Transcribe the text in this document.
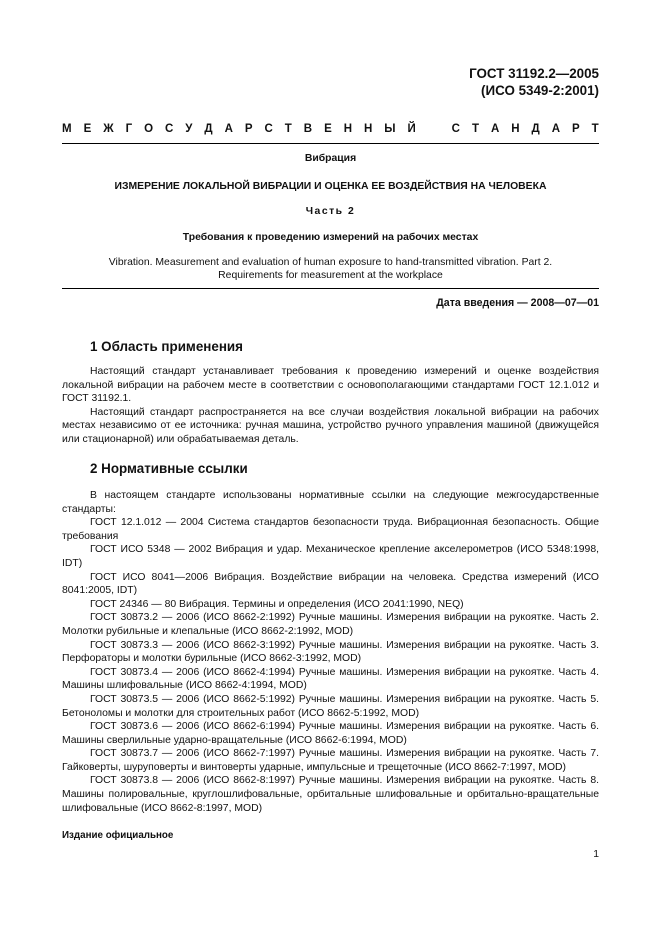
ГОСТ 31192.2—2005
(ИСО 5349-2:2001)
М Е Ж Г О С У Д А Р С Т В Е Н Н Ы Й	С Т А Н Д А Р Т
Вибрация
ИЗМЕРЕНИЕ ЛОКАЛЬНОЙ ВИБРАЦИИ И ОЦЕНКА ЕЕ ВОЗДЕЙСТВИЯ НА ЧЕЛОВЕКА
Часть 2
Требования к проведению измерений на рабочих местах
Vibration. Measurement and evaluation of human exposure to hand-transmitted vibration. Part 2.
Requirements for measurement at the workplace
Дата введения — 2008—07—01
1 Область применения

Настоящий стандарт устанавливает требования к проведению измерений и оценке воздействия локальной вибрации на рабочем месте в соответствии с основополагающими стандартами ГОСТ 12.1.012 и ГОСТ 31192.1.

Настоящий стандарт распространяется на все случаи воздействия локальной вибрации на рабочих местах независимо от ее источника: ручная машина, устройство ручного управления машиной (движущейся или стационарной) или обрабатываемая деталь.

2 Нормативные ссылки

В настоящем стандарте использованы нормативные ссылки на следующие межгосударственные стандарты:

ГОСТ 12.1.012 — 2004 Система стандартов безопасности труда. Вибрационная безопасность. Общие требования

ГОСТ ИСО 5348 — 2002 Вибрация и удар. Механическое крепление акселерометров (ИСО 5348:1998, IDT)

ГОСТ ИСО 8041—2006 Вибрация. Воздействие вибрации на человека. Средства измерений (ИСО 8041:2005, IDT)

ГОСТ 24346 — 80 Вибрация. Термины и определения (ИСО 2041:1990, NEQ)

ГОСТ 30873.2 — 2006 (ИСО 8662-2:1992) Ручные машины. Измерения вибрации на рукоятке. Часть 2. Молотки рубильные и клепальные (ИСО 8662-2:1992, MOD)

ГОСТ 30873.3 — 2006 (ИСО 8662-3:1992) Ручные машины. Измерения вибрации на рукоятке. Часть 3. Перфораторы и молотки бурильные (ИСО 8662-3:1992, MOD)

ГОСТ 30873.4 — 2006 (ИСО 8662-4:1994) Ручные машины. Измерения вибрации на рукоятке. Часть 4. Машины шлифовальные (ИСО 8662-4:1994, MOD)

ГОСТ 30873.5 — 2006 (ИСО 8662-5:1992) Ручные машины. Измерения вибрации на рукоятке. Часть 5. Бетоноломы и молотки для строительных работ (ИСО 8662-5:1992, MOD)

ГОСТ 30873.6 — 2006 (ИСО 8662-6:1994) Ручные машины. Измерения вибрации на рукоятке. Часть 6. Машины сверлильные ударно-вращательные (ИСО 8662-6:1994, MOD)

ГОСТ 30873.7 — 2006 (ИСО 8662-7:1997) Ручные машины. Измерения вибрации на рукоятке. Часть 7. Гайковерты, шуруповерты и винтоверты ударные, импульсные и трещеточные (ИСО 8662-7:1997, MOD)

ГОСТ 30873.8 — 2006 (ИСО 8662-8:1997) Ручные машины. Измерения вибрации на рукоятке. Часть 8. Машины полировальные, круглошлифовальные, орбитальные шлифовальные и орбитально-вращательные шлифовальные (ИСО 8662-8:1997, MOD)

Издание официальное
1
